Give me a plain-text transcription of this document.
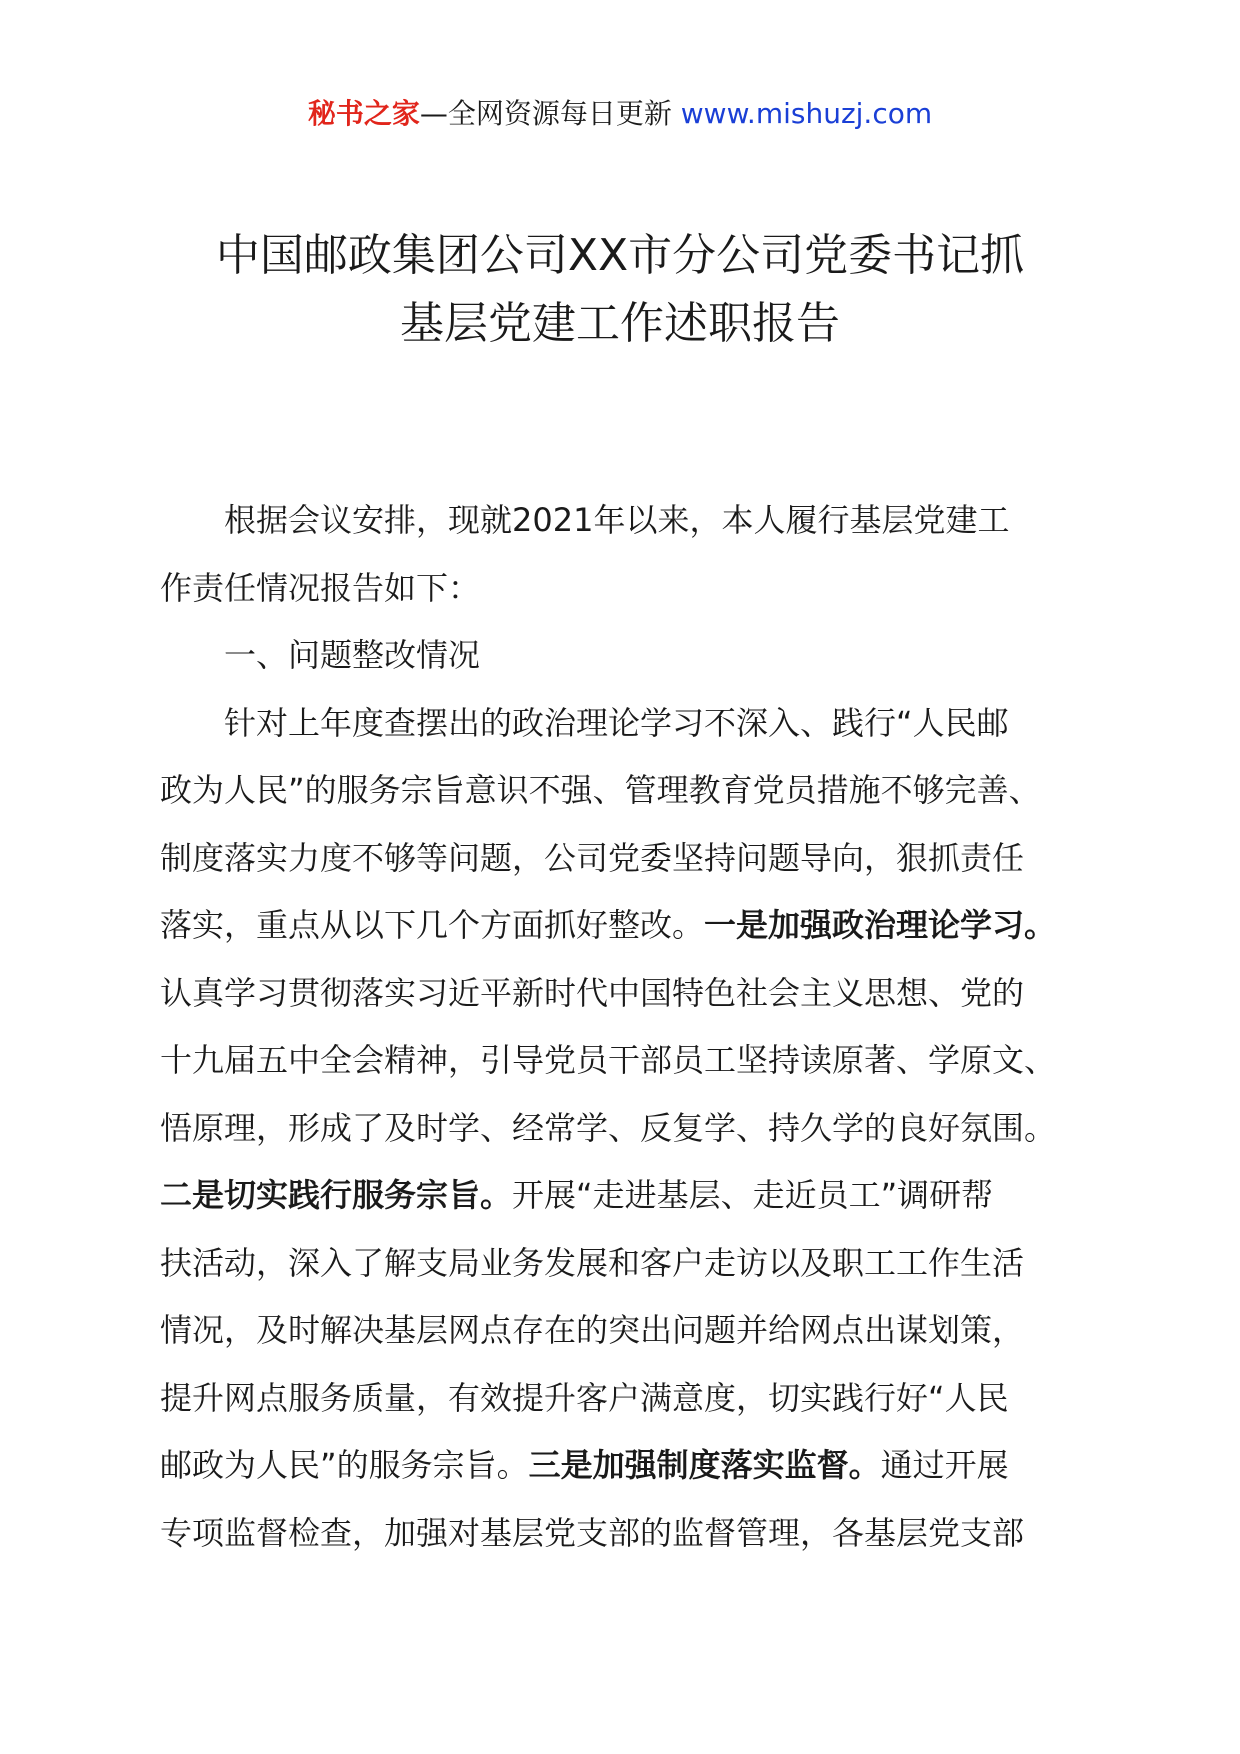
秘书之家—全网资源每日更新 www.mishuzj.com
中国邮政集团公司XX市分公司党委书记抓
基层党建工作述职报告

根据会议安排，现就2021年以来，本人履行基层党建工
作责任情况报告如下：

一、问题整改情况

针对上年度查摆出的政治理论学习不深入、践行“人民邮
政为人民”的服务宗旨意识不强、管理教育党员措施不够完善、
制度落实力度不够等问题，公司党委坚持问题导向，狠抓责任
落实，重点从以下几个方面抓好整改。一是加强政治理论学习。
认真学习贯彻落实习近平新时代中国特色社会主义思想、党的
十九届五中全会精神，引导党员干部员工坚持读原著、学原文、
悟原理，形成了及时学、经常学、反复学、持久学的良好氛围。
二是切实践行服务宗旨。开展“走进基层、走近员工”调研帮
扶活动，深入了解支局业务发展和客户走访以及职工工作生活
情况，及时解决基层网点存在的突出问题并给网点出谋划策，
提升网点服务质量，有效提升客户满意度，切实践行好“人民
邮政为人民”的服务宗旨。三是加强制度落实监督。通过开展
专项监督检查，加强对基层党支部的监督管理，各基层党支部
